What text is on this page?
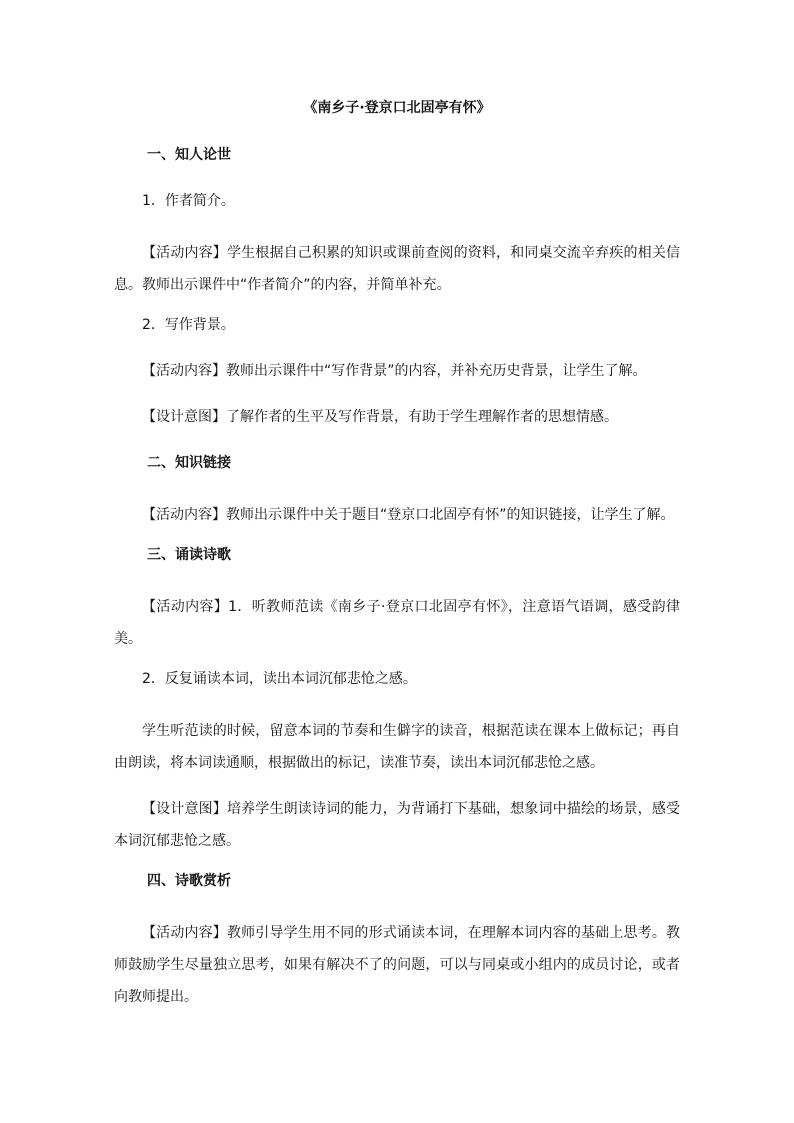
《南乡子·登京口北固亭有怀》
一、知人论世
1．作者简介。
【活动内容】学生根据自己积累的知识或课前查阅的资料，和同桌交流辛弃疾的相关信息。教师出示课件中“作者简介”的内容，并简单补充。
2．写作背景。
【活动内容】教师出示课件中“写作背景”的内容，并补充历史背景，让学生了解。
【设计意图】了解作者的生平及写作背景，有助于学生理解作者的思想情感。
二、知识链接
【活动内容】教师出示课件中关于题目“登京口北固亭有怀”的知识链接，让学生了解。
三、诵读诗歌
【活动内容】1．听教师范读《南乡子·登京口北固亭有怀》，注意语气语调，感受韵律美。
2．反复诵读本词，读出本词沉郁悲怆之感。
学生听范读的时候，留意本词的节奏和生僻字的读音，根据范读在课本上做标记；再自由朗读，将本词读通顺，根据做出的标记，读准节奏，读出本词沉郁悲怆之感。
【设计意图】培养学生朗读诗词的能力，为背诵打下基础，想象词中描绘的场景，感受本词沉郁悲怆之感。
四、诗歌赏析
【活动内容】教师引导学生用不同的形式诵读本词，在理解本词内容的基础上思考。教师鼓励学生尽量独立思考，如果有解决不了的问题，可以与同桌或小组内的成员讨论，或者向教师提出。
